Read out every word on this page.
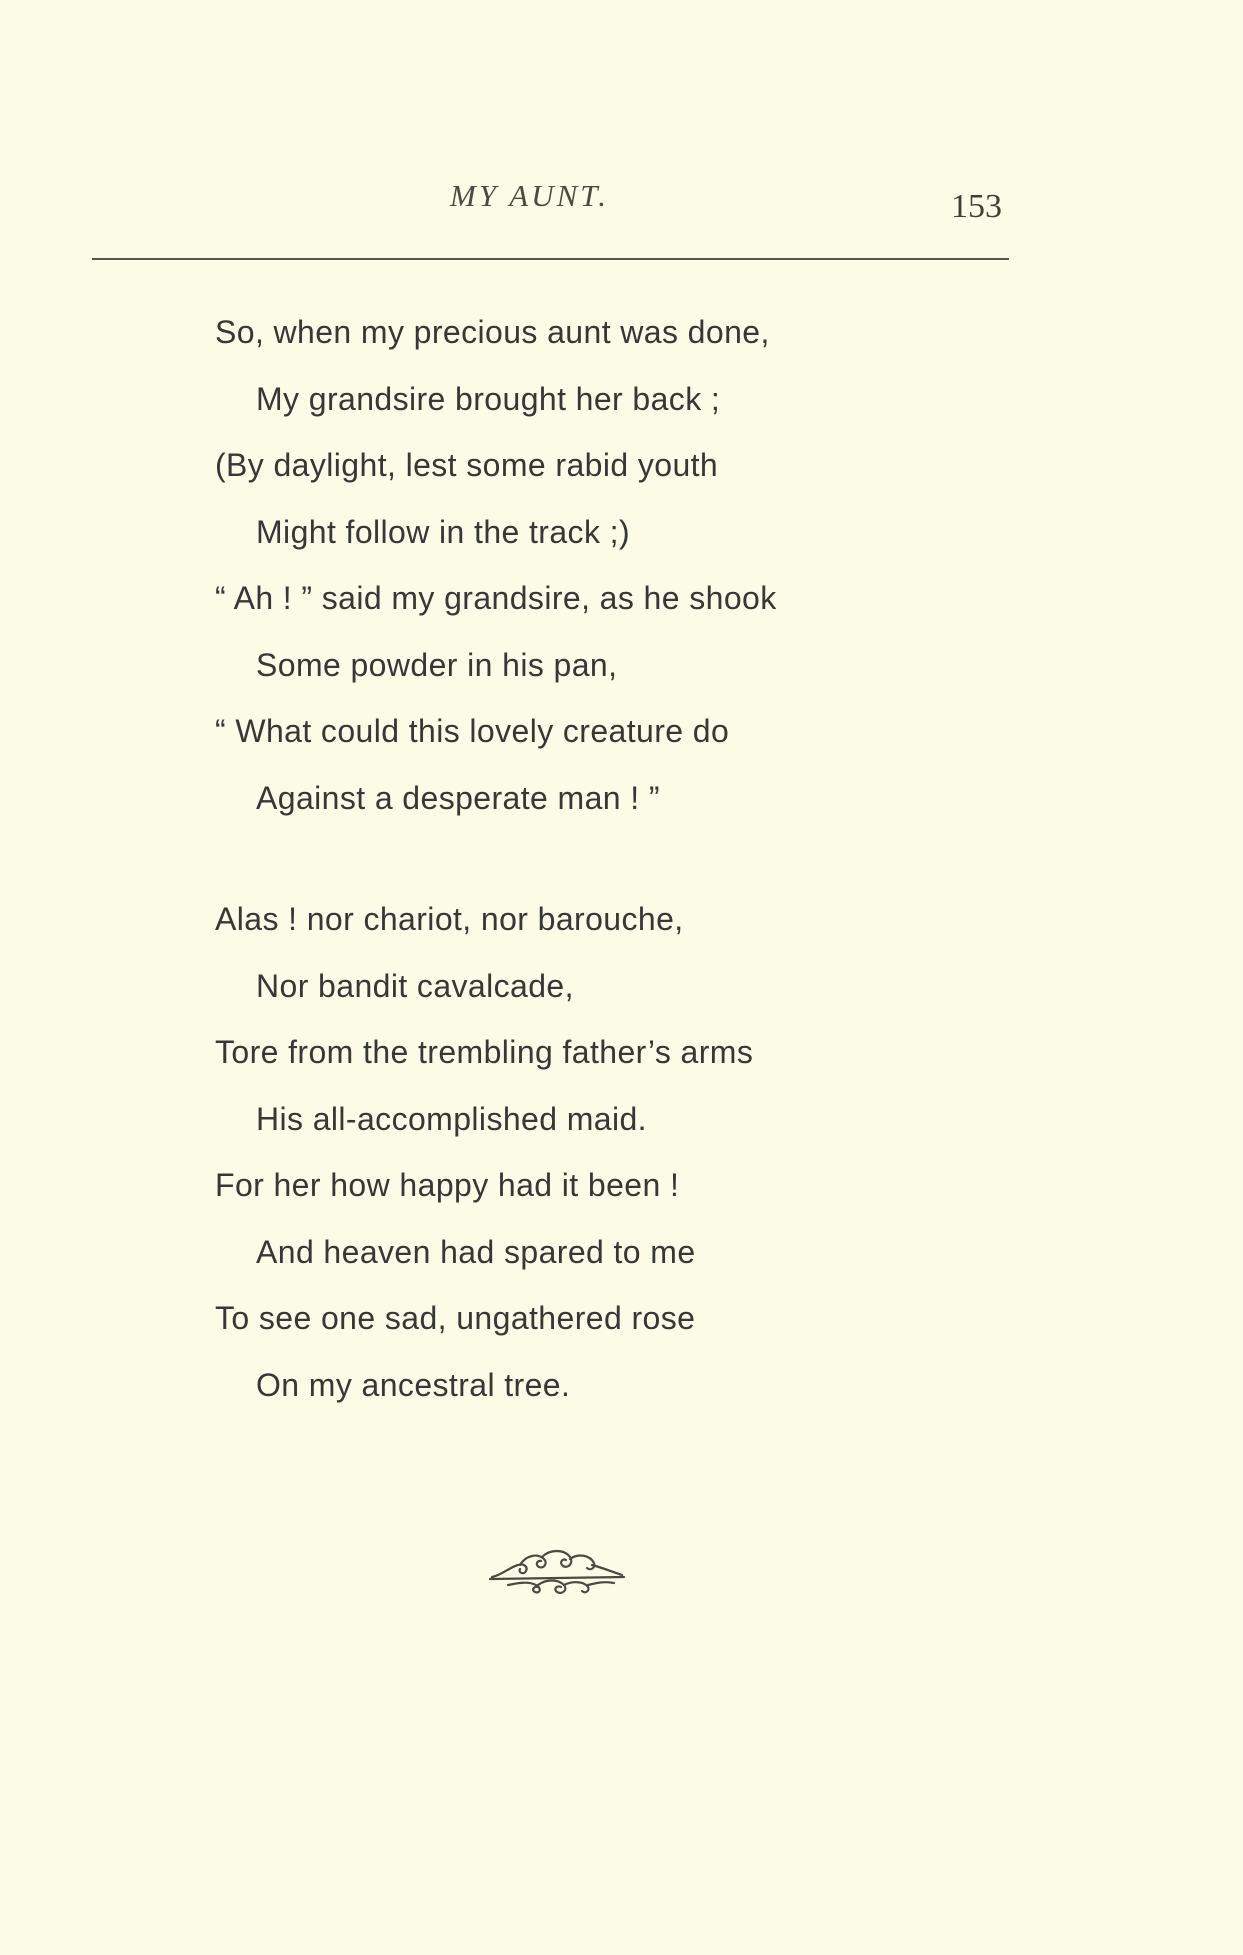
MY AUNT.	153
So, when my precious aunt was done,
My grandsire brought her back ;
(By daylight, lest some rabid youth
Might follow in the track ;)
“ Ah ! ” said my grandsire, as he shook
Some powder in his pan,
“ What could this lovely creature do
Against a desperate man ! ”
Alas ! nor chariot, nor barouche,
Nor bandit cavalcade,
Tore from the trembling father’s arms
His all-accomplished maid.
For her how happy had it been !
And heaven had spared to me
To see one sad, ungathered rose
On my ancestral tree.
